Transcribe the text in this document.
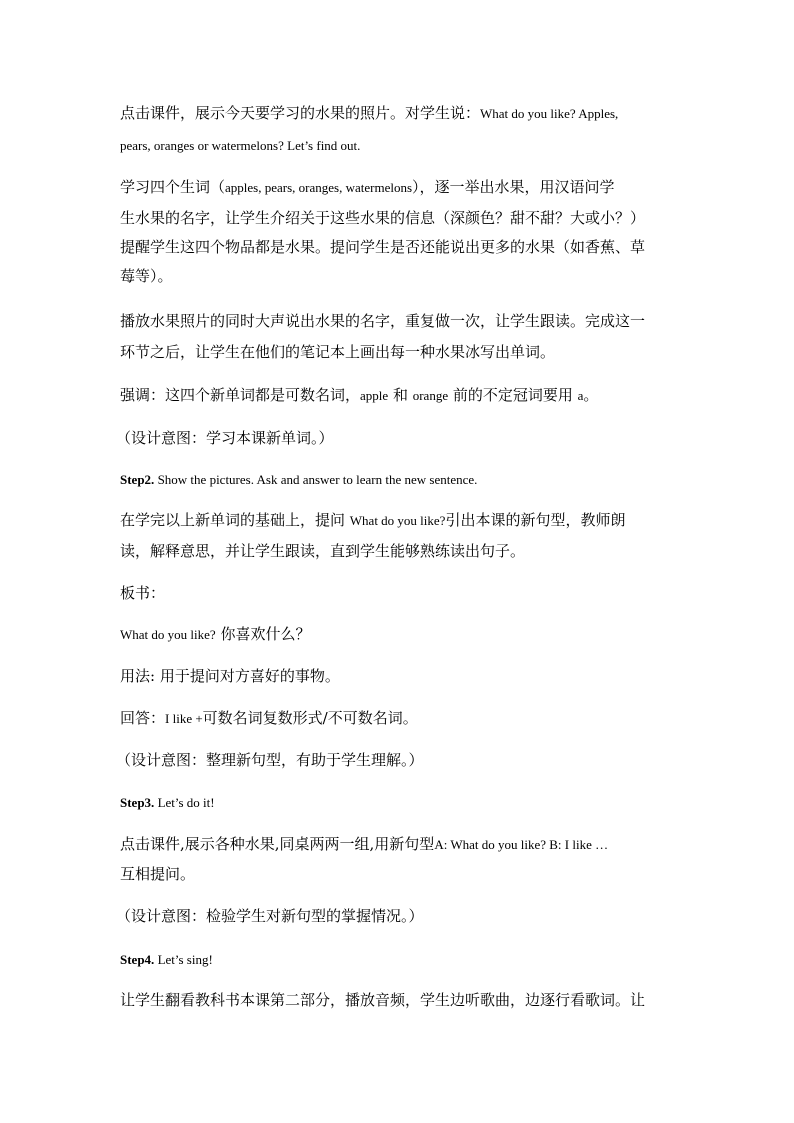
点击课件，展示今天要学习的水果的照片。对学生说：What do you like? Apples,
pears, oranges or watermelons? Let’s find out.
学习四个生词（apples, pears, oranges, watermelons），逐一举出水果，用汉语问学
生水果的名字，让学生介绍关于这些水果的信息（深颜色？甜不甜？大或小？）
提醒学生这四个物品都是水果。提问学生是否还能说出更多的水果（如香蕉、草
莓等）。
播放水果照片的同时大声说出水果的名字，重复做一次，让学生跟读。完成这一
环节之后，让学生在他们的笔记本上画出每一种水果冰写出单词。
强调：这四个新单词都是可数名词，apple 和 orange 前的不定冠词要用 a。
（设计意图：学习本课新单词。）
Step2. Show the pictures. Ask and answer to learn the new sentence.
在学完以上新单词的基础上，提问 What do you like?引出本课的新句型，教师朗
读，解释意思，并让学生跟读，直到学生能够熟练读出句子。
板书：
What do you like? 你喜欢什么？
用法: 用于提问对方喜好的事物。
回答：I like +可数名词复数形式/不可数名词。
（设计意图：整理新句型，有助于学生理解。）
Step3. Let’s do it!
点击课件,展示各种水果,同桌两两一组,用新句型A: What do you like? B: I like …
互相提问。
（设计意图：检验学生对新句型的掌握情况。）
Step4. Let’s sing!
让学生翻看教科书本课第二部分，播放音频，学生边听歌曲，边逐行看歌词。让
